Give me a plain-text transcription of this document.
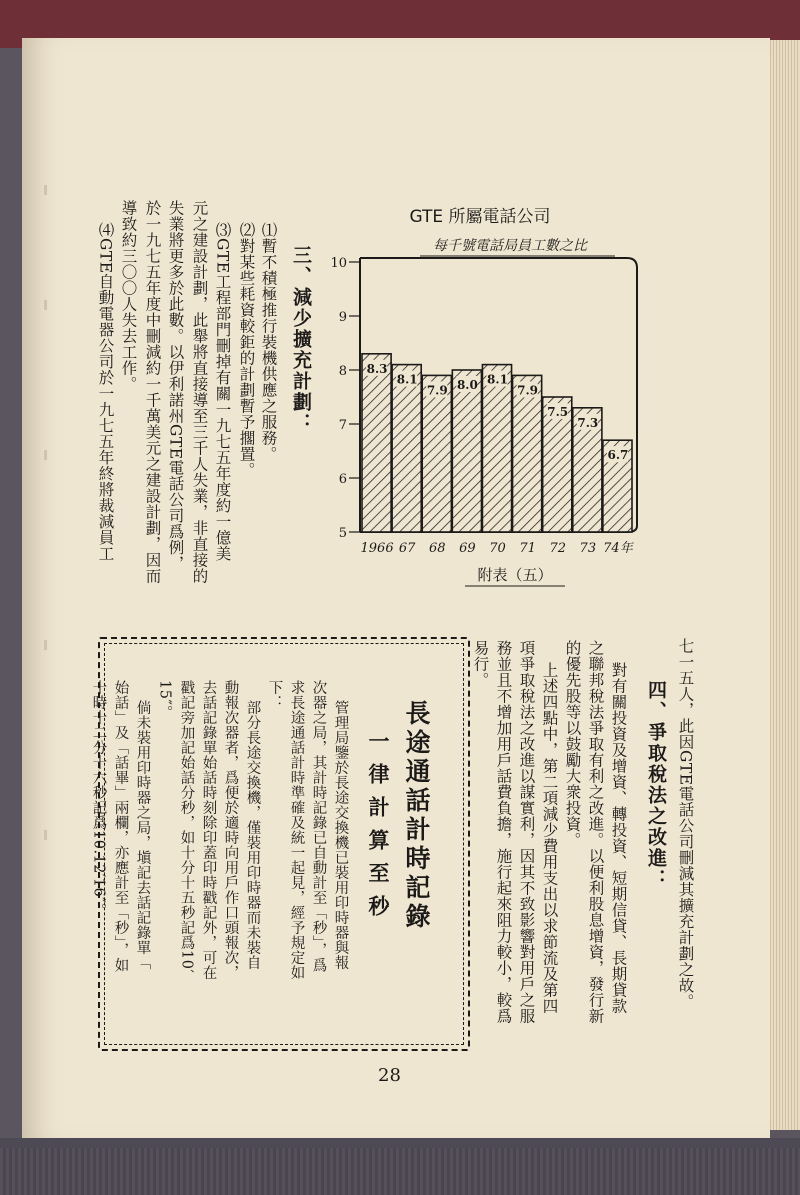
三、減少擴充計劃：
⑴暫不積極推行裝機供應之服務。
⑵對某些耗資較鉅的計劃暫予擱置。
⑶GTE工程部門刪掉有關一九七五年度約一億美
元之建設計劃，此舉將直接導至三千人失業，非直接的
失業將更多於此數。以伊利諾州GTE電話公司爲例，
於一九七五年度中刪減約一千萬美元之建設計劃，因而
導致約三〇〇人失去工作。
⑷GTE自動電器公司於一九七五年終將裁減員工
GTE 所屬電話公司
每千號電話局員工數之比
5
6
7
8
9
10
8.3
1966
8.1
67
7.9
68
8.0
69
8.1
70
7.9
71
7.5
72
7.3
73
6.7
74年
附表（五）
七一五人，此因GTE電話公司刪減其擴充計劃之故。
四、爭取稅法之改進：
對有關投資及增資、轉投資、短期信貸、長期貸款
之聯邦稅法爭取有利之改進。以便利股息增資，發行新
的優先股等以鼓勵大衆投資。
上述四點中，第二項減少費用支出以求節流及第四
項爭取稅法之改進以謀實利，因其不致影響對用戶之服
務並且不增加用戶話費負擔，施行起來阻力較小，較爲
易行。
長途通話計時記錄
一律計算至秒
管理局鑒於長途交換機已裝用印時器與報
次器之局，其計時記錄已自動計至「秒」，爲
求長途通話計時準確及統一起見，經予規定如
下：
部分長途交換機，僅裝用印時器而未裝自
動報次器者，爲便於適時向用戶作口頭報次，
去話記錄單始話時刻除印蓋印時戳記外，可在
戳記旁加記始話分秒，如十分十五秒記爲10′
15″。
倘未裝用印時器之局，塡記去話記錄單「
始話」及「話畢」兩欄，亦應計至「秒」，如
十時十二分十六秒記爲10.12′16″。
28
